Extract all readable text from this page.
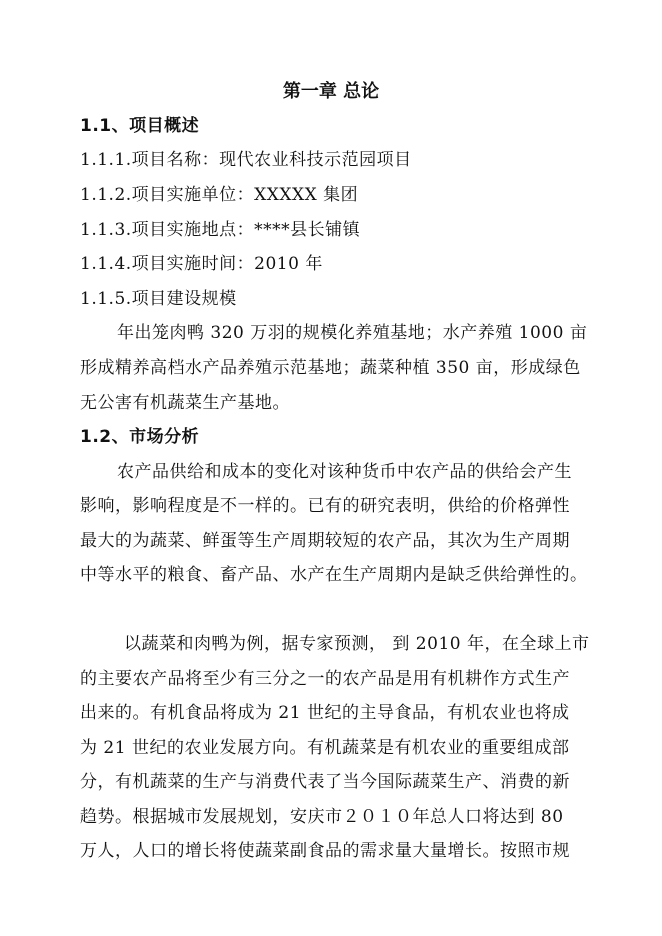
第一章 总论
1.1、项目概述
1.1.1.项目名称：现代农业科技示范园项目
1.1.2.项目实施单位：XXXXX 集团
1.1.3.项目实施地点：****县长铺镇
1.1.4.项目实施时间：2010 年
1.1.5.项目建设规模
年出笼肉鸭 320 万羽的规模化养殖基地；水产养殖 1000 亩
形成精养高档水产品养殖示范基地；蔬菜种植 350 亩，形成绿色
无公害有机蔬菜生产基地。
1.2、市场分析
农产品供给和成本的变化对该种货币中农产品的供给会产生
影响，影响程度是不一样的。已有的研究表明，供给的价格弹性
最大的为蔬菜、鲜蛋等生产周期较短的农产品，其次为生产周期
中等水平的粮食、畜产品、水产在生产周期内是缺乏供给弹性的。
以蔬菜和肉鸭为例，据专家预测， 到 2010 年，在全球上市
的主要农产品将至少有三分之一的农产品是用有机耕作方式生产
出来的。有机食品将成为 21 世纪的主导食品，有机农业也将成
为 21 世纪的农业发展方向。有机蔬菜是有机农业的重要组成部
分，有机蔬菜的生产与消费代表了当今国际蔬菜生产、消费的新
趋势。根据城市发展规划，安庆市２０１０年总人口将达到 80
万人，人口的增长将使蔬菜副食品的需求量大量增长。按照市规
